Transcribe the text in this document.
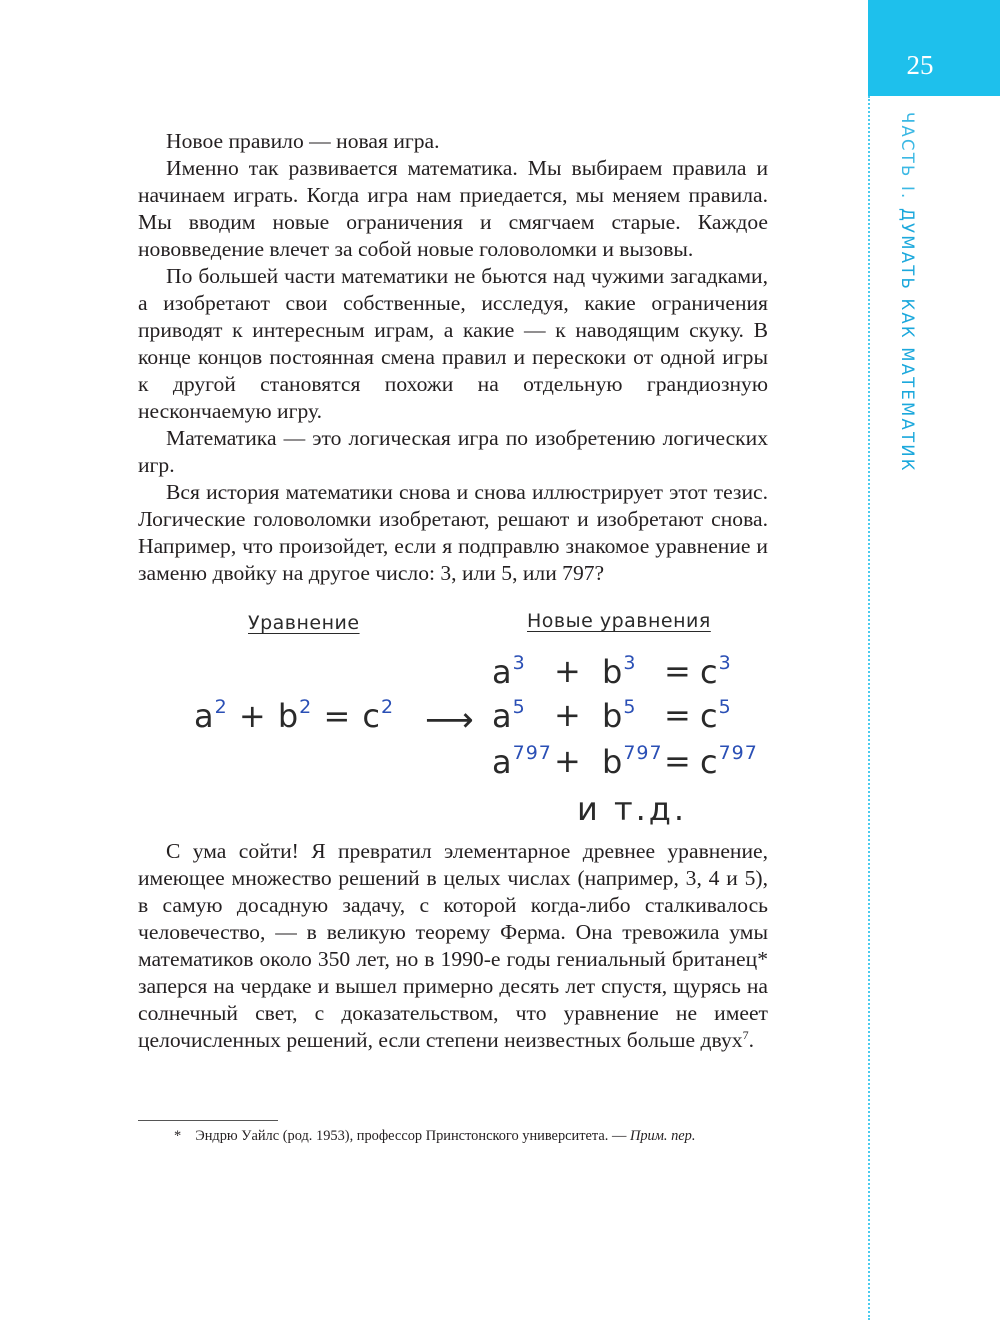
25
ЧАСТЬ I. ДУМАТЬ КАК МАТЕМАТИК

Новое правило — новая игра.

Именно так развивается математика. Мы выбираем правила и начинаем играть. Когда игра нам приедается, мы меняем правила. Мы вводим новые ограничения и смягчаем старые. Каждое нововведение влечет за собой новые головоломки и вызовы.

По большей части математики не бьются над чужими загадками, а изобретают свои собственные, исследуя, какие ограничения приводят к интересным играм, а какие — к наводящим скуку. В конце концов постоянная смена правил и перескоки от одной игры к другой становятся похожи на отдельную грандиозную нескончаемую игру.

Математика — это логическая игра по изобретению логических игр.

Вся история математики снова и снова иллюстрирует этот тезис. Логические головоломки изобретают, решают и изобретают снова. Например, что произойдет, если я подправлю знакомое уравнение и заменю двойку на другое число: 3, или 5, или 797?

Уравнение	Новые уравнения
$a^2 + b^2 = c^2$ ⟶
$a^3 + b^3 = c^3$
$a^5 + b^5 = c^5$
$a^{797} + b^{797} = c^{797}$
и т.д.

С ума сойти! Я превратил элементарное древнее уравнение, имеющее множество решений в целых числах (например, 3, 4 и 5), в самую досадную задачу, с которой когда-либо сталкивалось человечество, — в великую теорему Ферма. Она тревожила умы математиков около 350 лет, но в 1990-е годы гениальный британец* заперся на чердаке и вышел примерно десять лет спустя, щурясь на солнечный свет, с доказательством, что уравнение не имеет целочисленных решений, если степени неизвестных больше двух$^7$.

* Эндрю Уайлс (род. 1953), профессор Принстонского университета. — Прим. пер.
